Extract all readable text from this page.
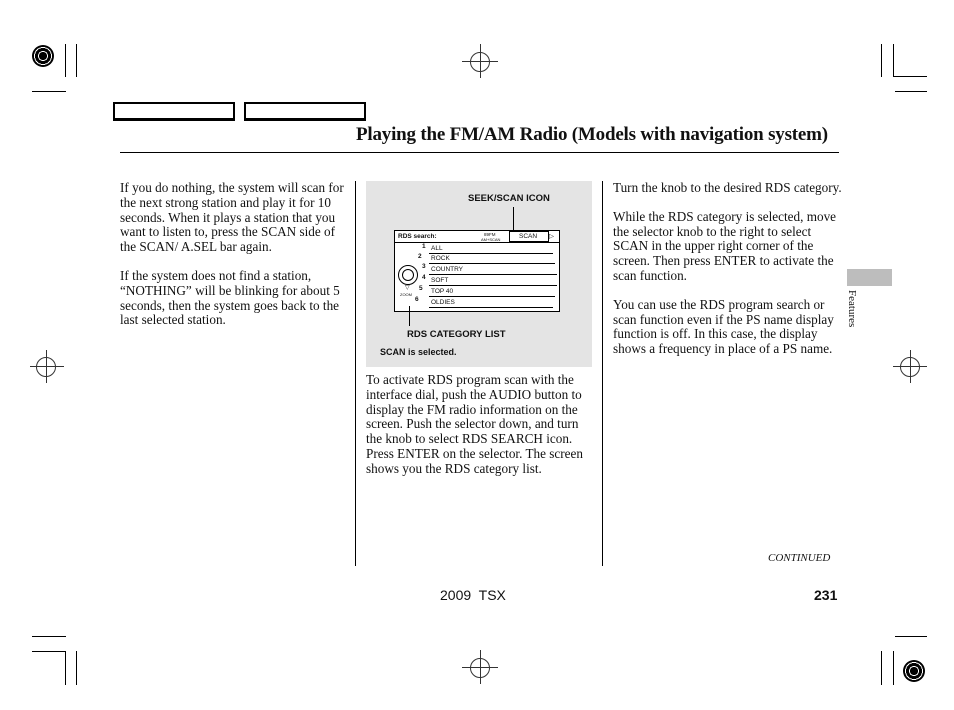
Playing the FM/AM Radio (Models with navigation system)

If you do nothing, the system will scan for the next strong station and play it for 10 seconds. When it plays a station that you want to listen to, press the SCAN side of the SCAN/ A.SEL bar again.

If the system does not find a station, “NOTHING” will be blinking for about 5 seconds, then the system goes back to the last selected station.

SEEK/SCAN ICON
RDS search:	89FM
AM+SCAN	SCAN ▷
▽
ZOOM
1
2
3
4
5
6
ALL
ROCK
COUNTRY
SOFT
TOP 40
OLDIES
RDS CATEGORY LIST
SCAN is selected.

To activate RDS program scan with the interface dial, push the AUDIO button to display the FM radio information on the screen. Push the selector down, and turn the knob to select RDS SEARCH icon. Press ENTER on the selector. The screen shows you the RDS category list.

Turn the knob to the desired RDS category.

While the RDS category is selected, move the selector knob to the right to select SCAN in the upper right corner of the screen. Then press ENTER to activate the scan function.

You can use the RDS program search or scan function even if the PS name display function is off. In this case, the display shows a frequency in place of a PS name.

Features
CONTINUED
2009  TSX	231
